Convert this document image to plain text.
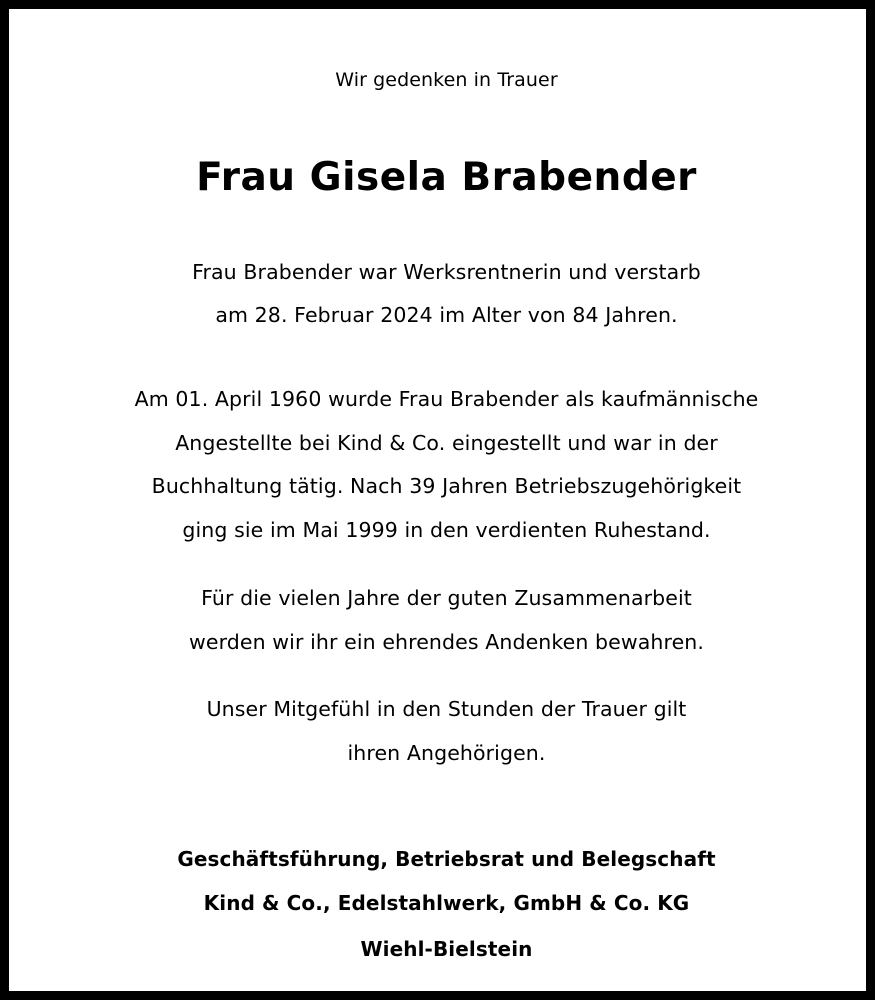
Wir gedenken in Trauer
Frau Gisela Brabender
Frau Brabender war Werksrentnerin und verstarb
am 28. Februar 2024 im Alter von 84 Jahren.
Am 01. April 1960 wurde Frau Brabender als kaufmännische
Angestellte bei Kind & Co. eingestellt und war in der
Buchhaltung tätig. Nach 39 Jahren Betriebszugehörigkeit
ging sie im Mai 1999 in den verdienten Ruhestand.
Für die vielen Jahre der guten Zusammenarbeit
werden wir ihr ein ehrendes Andenken bewahren.
Unser Mitgefühl in den Stunden der Trauer gilt
ihren Angehörigen.
Geschäftsführung, Betriebsrat und Belegschaft
Kind & Co., Edelstahlwerk, GmbH & Co. KG
Wiehl-Bielstein
